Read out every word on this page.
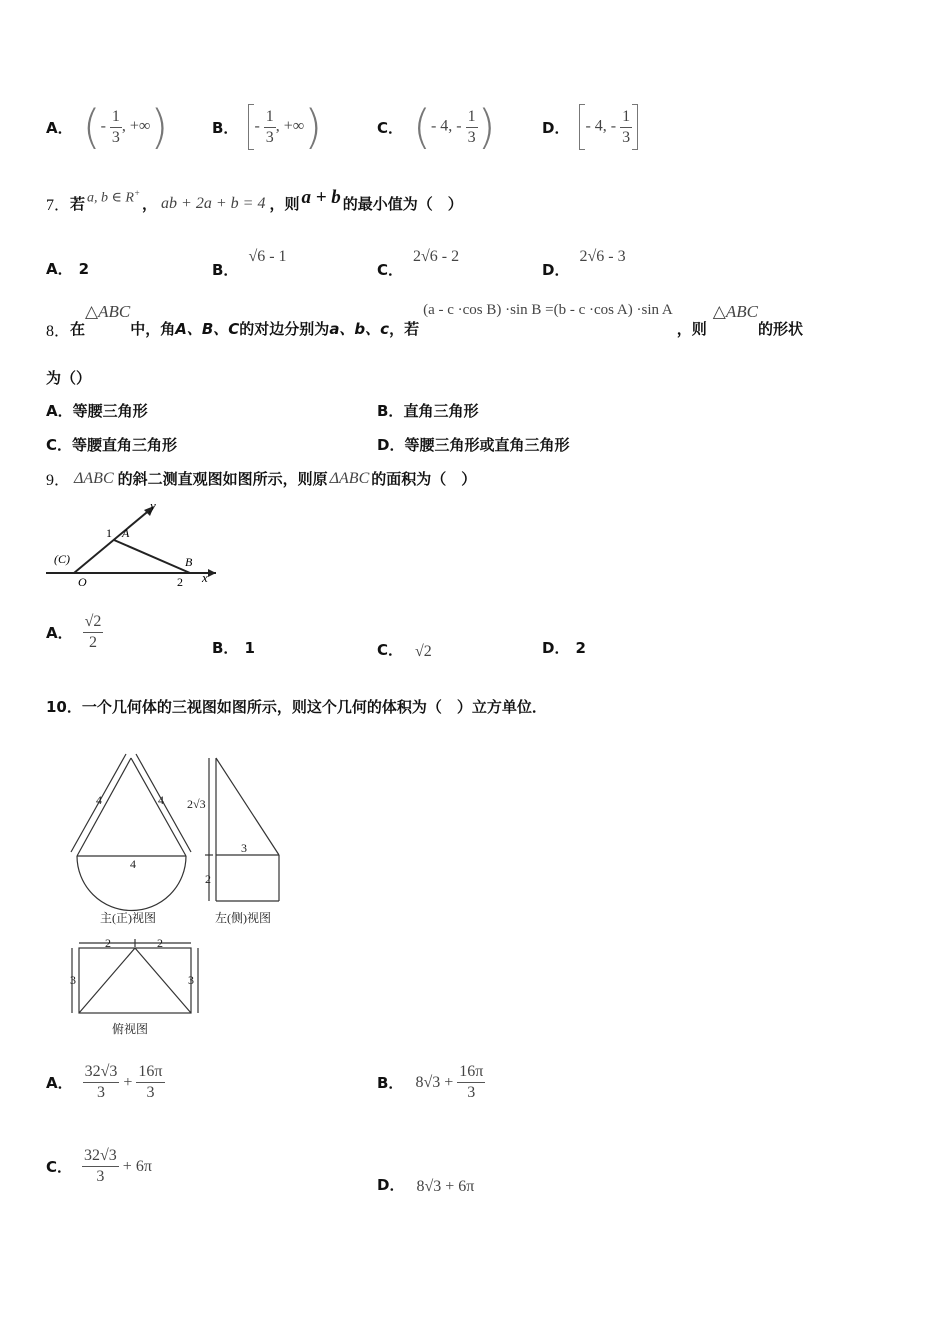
A． (- $\frac{1}{3}$ , +∞)	B．	- $\frac{1}{3}$ , +∞)	C． (- 4, - $\frac{1}{3}$ )	D．	- 4, - $\frac{1}{3}$
7． 若 a, b ∈ R+
， ab + 2a + b = 4 ，则 a + b 的最小值为（　）
A． 2	B．
√6 - 1
C．
2√6 - 2
D．
2√6 - 3
8． 在
△ABC
中，角 A、B、C 的对边分别为 a、b、c ，若
(a - c ·cos B) ·sin B =(b - c ·cos A) ·sin A
，则
△ABC
的形状
为（）
A．等腰三角形	B．直角三角形
C．等腰直角三角形	D．等腰三角形或直角三角形
9． ΔABC 的斜二测直观图如图所示，则原 ΔABC 的面积为（　）
y
1 A
(C)	B
O	2 x
A． $\frac{√2}{2}$	B． 1	C． √2	D． 2
10．一个几何体的三视图如图所示，则这个几何的体积为（　）立方单位．
4	4
4
主(正)视图
2√3
3
2
左(侧)视图
2	2
3	3
俯视图
A． $\frac{32√3}{3} + \frac{16\pi}{3}$	B． $8√3 + \frac{16\pi}{3}$
C． $\frac{32√3}{3} + 6\pi$
D． 8√3 + 6π
